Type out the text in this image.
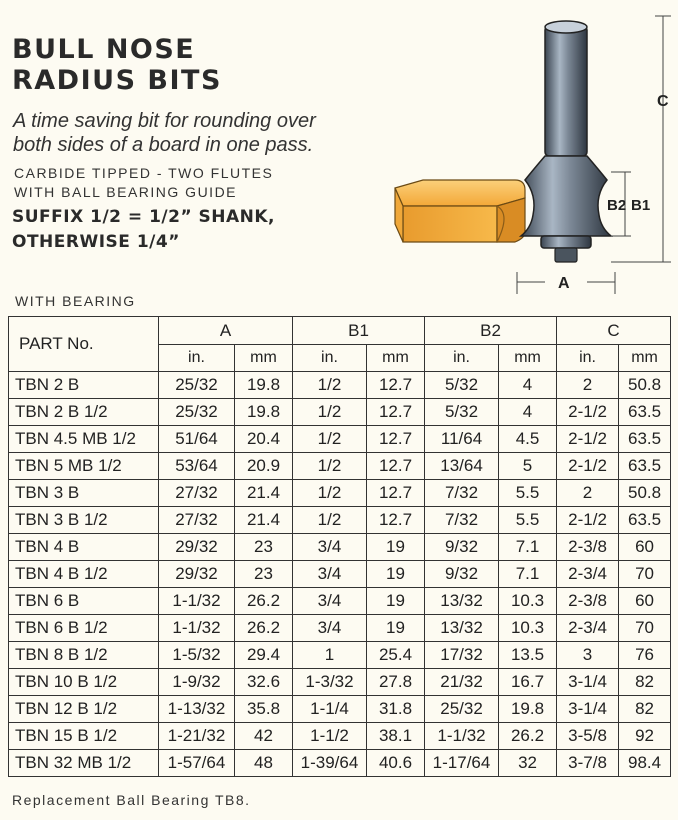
BULL NOSE
RADIUS BITS
A time saving bit for rounding over
both sides of a board in one pass.
CARBIDE TIPPED - TWO FLUTES
WITH BALL BEARING GUIDE
SUFFIX 1/2 = 1/2” SHANK,
OTHERWISE 1/4”
C
B2 B1
A
WITH BEARING
PART No.	A		B1		B2		C	
	in.	mm	in.	mm	in.	mm	in.	mm
TBN 2 B	25/32	19.8	1/2	12.7	5/32	4	2	50.8
TBN 2 B 1/2	25/32	19.8	1/2	12.7	5/32	4	2-1/2	63.5
TBN 4.5 MB 1/2	51/64	20.4	1/2	12.7	11/64	4.5	2-1/2	63.5
TBN 5 MB 1/2	53/64	20.9	1/2	12.7	13/64	5	2-1/2	63.5
TBN 3 B	27/32	21.4	1/2	12.7	7/32	5.5	2	50.8
TBN 3 B 1/2	27/32	21.4	1/2	12.7	7/32	5.5	2-1/2	63.5
TBN 4 B	29/32	23	3/4	19	9/32	7.1	2-3/8	60
TBN 4 B 1/2	29/32	23	3/4	19	9/32	7.1	2-3/4	70
TBN 6 B	1-1/32	26.2	3/4	19	13/32	10.3	2-3/8	60
TBN 6 B 1/2	1-1/32	26.2	3/4	19	13/32	10.3	2-3/4	70
TBN 8 B 1/2	1-5/32	29.4	1	25.4	17/32	13.5	3	76
TBN 10 B 1/2	1-9/32	32.6	1-3/32	27.8	21/32	16.7	3-1/4	82
TBN 12 B 1/2	1-13/32	35.8	1-1/4	31.8	25/32	19.8	3-1/4	82
TBN 15 B 1/2	1-21/32	42	1-1/2	38.1	1-1/32	26.2	3-5/8	92
TBN 32 MB 1/2	1-57/64	48	1-39/64	40.6	1-17/64	32	3-7/8	98.4
Replacement Ball Bearing TB8.
